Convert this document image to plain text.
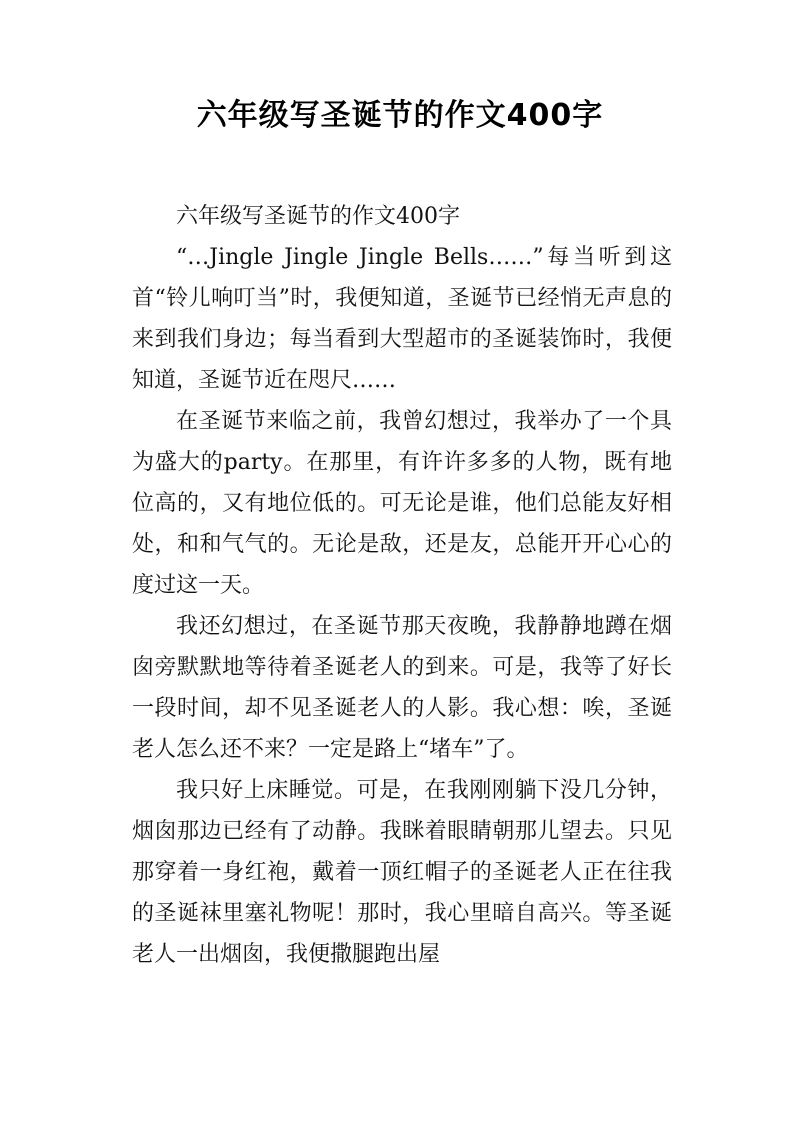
六年级写圣诞节的作文400字

六年级写圣诞节的作文400字

“…Jingle Jingle Jingle Bells……”每当听到这首“铃儿响叮当”时，我便知道，圣诞节已经悄无声息的来到我们身边；每当看到大型超市的圣诞装饰时，我便知道，圣诞节近在咫尺……

在圣诞节来临之前，我曾幻想过，我举办了一个具为盛大的party。在那里，有许许多多的人物，既有地位高的，又有地位低的。可无论是谁，他们总能友好相处，和和气气的。无论是敌，还是友，总能开开心心的度过这一天。

我还幻想过，在圣诞节那天夜晚，我静静地蹲在烟囱旁默默地等待着圣诞老人的到来。可是，我等了好长一段时间，却不见圣诞老人的人影。我心想：唉，圣诞老人怎么还不来？一定是路上“堵车”了。

我只好上床睡觉。可是，在我刚刚躺下没几分钟，烟囱那边已经有了动静。我眯着眼睛朝那儿望去。只见那穿着一身红袍，戴着一顶红帽子的圣诞老人正在往我的圣诞袜里塞礼物呢！那时，我心里暗自高兴。等圣诞老人一出烟囱，我便撒腿跑出屋
